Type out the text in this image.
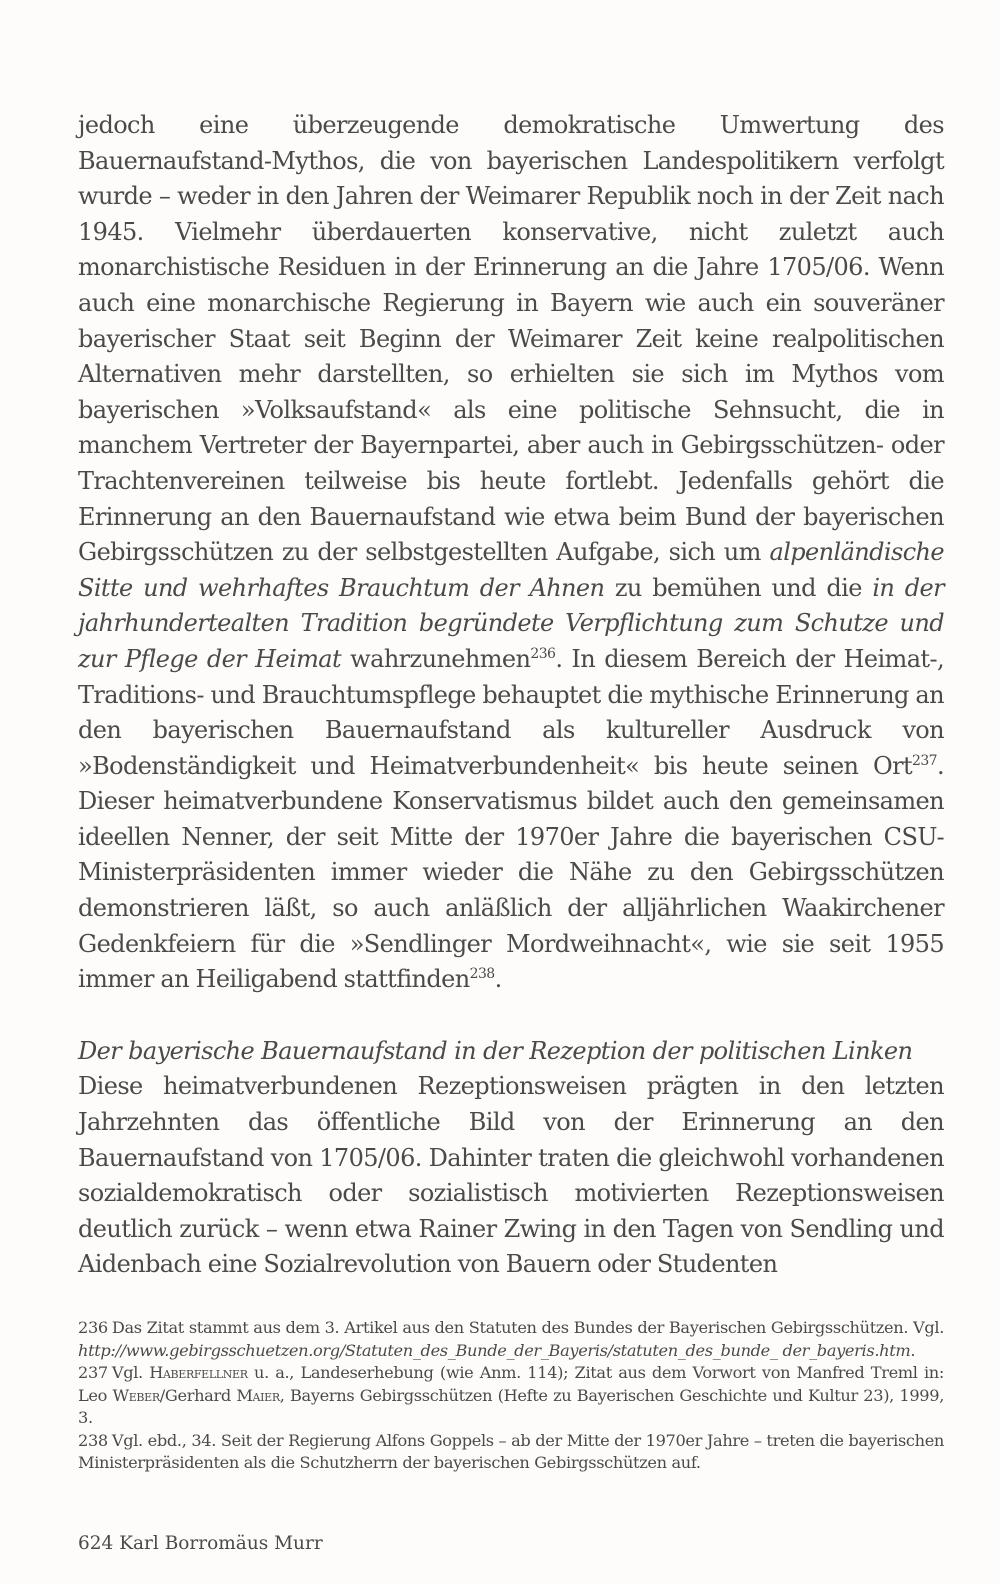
jedoch eine überzeugende demokratische Umwertung des Bauernaufstand-Mythos, die von bayerischen Landespolitikern verfolgt wurde – weder in den Jahren der Weimarer Republik noch in der Zeit nach 1945. Vielmehr überdauerten konservative, nicht zuletzt auch monarchistische Residuen in der Erinnerung an die Jahre 1705/06. Wenn auch eine monarchische Regierung in Bayern wie auch ein souveräner bayerischer Staat seit Beginn der Weimarer Zeit keine realpolitischen Alternativen mehr darstellten, so erhielten sie sich im Mythos vom bayerischen »Volksaufstand« als eine politische Sehnsucht, die in manchem Vertreter der Bayernpartei, aber auch in Gebirgsschützen- oder Trachtenvereinen teilweise bis heute fortlebt. Jedenfalls gehört die Erinnerung an den Bauernaufstand wie etwa beim Bund der bayerischen Gebirgsschützen zu der selbstgestellten Aufgabe, sich um alpenländische Sitte und wehrhaftes Brauchtum der Ahnen zu bemühen und die in der jahrhundertealten Tradition begründete Verpflichtung zum Schutze und zur Pflege der Heimat wahrzunehmen$^{236}$. In diesem Bereich der Heimat-, Traditions- und Brauchtumspflege behauptet die mythische Erinnerung an den bayerischen Bauernaufstand als kultureller Ausdruck von »Bodenständigkeit und Heimatverbundenheit« bis heute seinen Ort$^{237}$. Dieser heimatverbundene Konservatismus bildet auch den gemeinsamen ideellen Nenner, der seit Mitte der 1970er Jahre die bayerischen CSU-Ministerpräsidenten immer wieder die Nähe zu den Gebirgsschützen demonstrieren läßt, so auch anläßlich der alljährlichen Waakirchener Gedenkfeiern für die »Sendlinger Mordweihnacht«, wie sie seit 1955 immer an Heiligabend stattfinden$^{238}$.

Der bayerische Bauernaufstand in der Rezeption der politischen Linken

Diese heimatverbundenen Rezeptionsweisen prägten in den letzten Jahrzehnten das öffentliche Bild von der Erinnerung an den Bauernaufstand von 1705/06. Dahinter traten die gleichwohl vorhandenen sozialdemokratisch oder sozialistisch motivierten Rezeptionsweisen deutlich zurück – wenn etwa Rainer Zwing in den Tagen von Sendling und Aidenbach eine Sozialrevolution von Bauern oder Studenten

236 Das Zitat stammt aus dem 3. Artikel aus den Statuten des Bundes der Bayerischen Gebirgsschützen. Vgl. http://www.gebirgsschuetzen.org/Statuten_des_Bunde_der_Bayeris/statuten_des_bunde_ der_bayeris.htm.

237 Vgl. Haberfellner u. a., Landeserhebung (wie Anm. 114); Zitat aus dem Vorwort von Manfred Treml in: Leo Weber/Gerhard Maier, Bayerns Gebirgsschützen (Hefte zu Bayerischen Geschichte und Kultur 23), 1999, 3.

238 Vgl. ebd., 34. Seit der Regierung Alfons Goppels – ab der Mitte der 1970er Jahre – treten die bayerischen Ministerpräsidenten als die Schutzherrn der bayerischen Gebirgsschützen auf.

624 Karl Borromäus Murr
